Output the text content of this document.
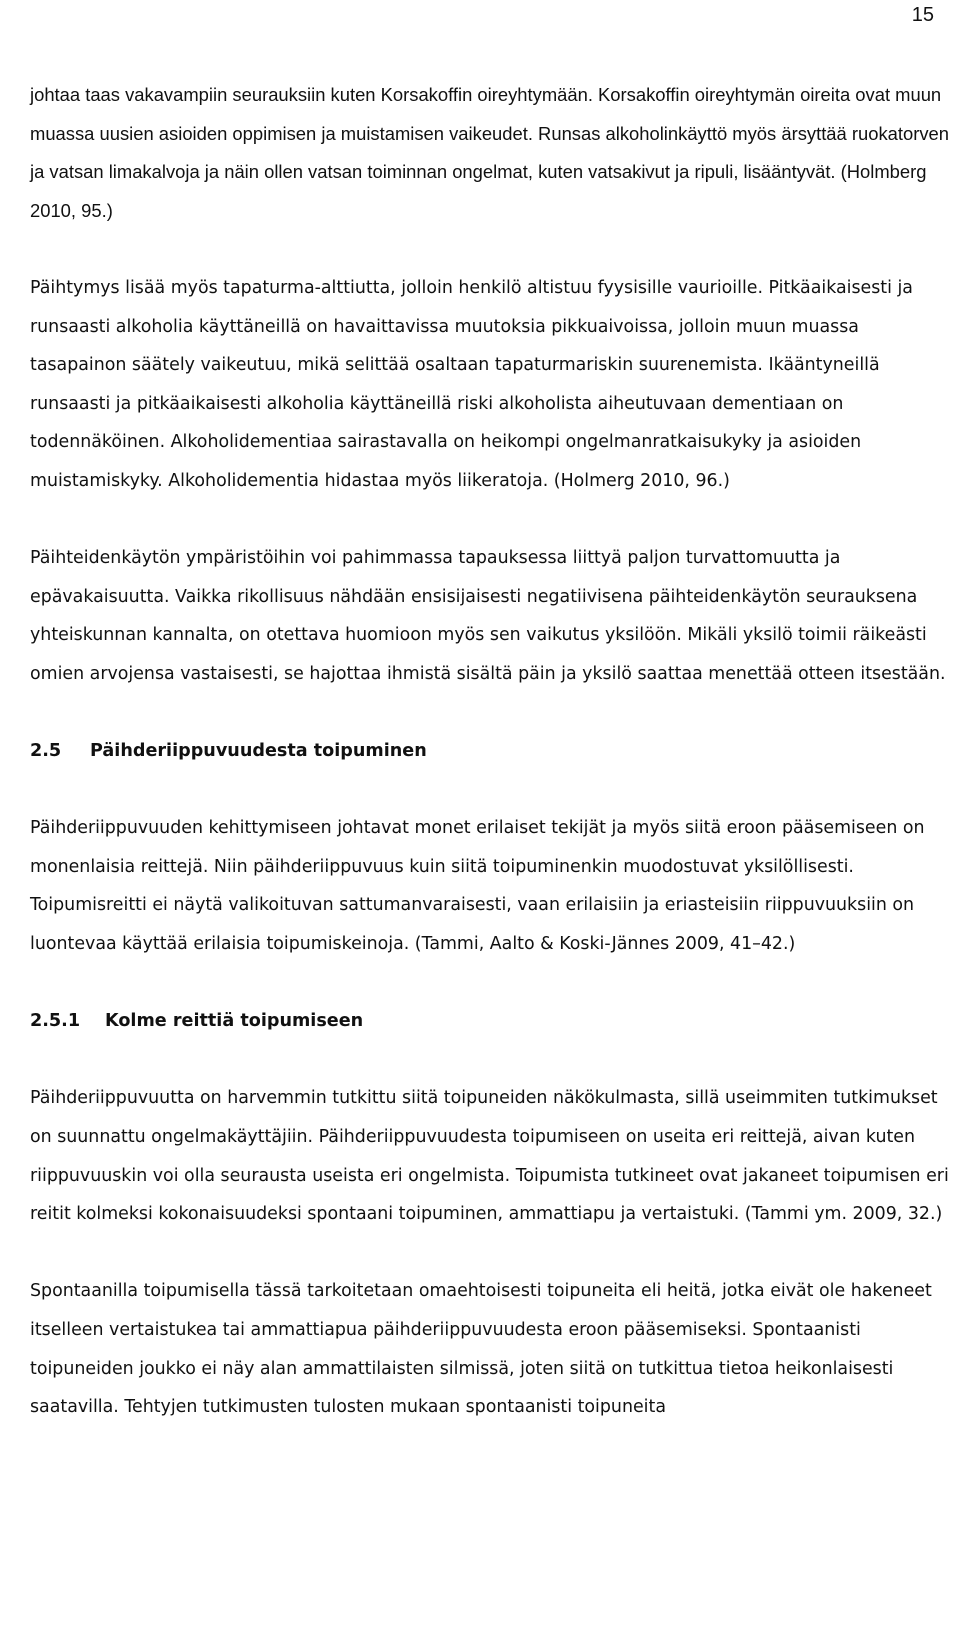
15

johtaa taas vakavampiin seurauksiin kuten Korsakoffin oireyhtymään. Korsakoffin oireyhtymän oireita ovat muun muassa uusien asioiden oppimisen ja muistamisen vaikeudet. Runsas alkoholinkäyttö myös ärsyttää ruokatorven ja vatsan limakalvoja ja näin ollen vatsan toiminnan ongelmat, kuten vatsakivut ja ripuli, lisääntyvät. (Holmberg 2010, 95.)

Päihtymys lisää myös tapaturma-alttiutta, jolloin henkilö altistuu fyysisille vaurioille. Pitkäaikaisesti ja runsaasti alkoholia käyttäneillä on havaittavissa muutoksia pikkuaivoissa, jolloin muun muassa tasapainon säätely vaikeutuu, mikä selittää osaltaan tapaturmariskin suurenemista. Ikääntyneillä runsaasti ja pitkäaikaisesti alkoholia käyttäneillä riski alkoholista aiheutuvaan dementiaan on todennäköinen. Alkoholidementiaa sairastavalla on heikompi ongelmanratkaisukyky ja asioiden muistamiskyky. Alkoholidementia hidastaa myös liikeratoja. (Holmerg 2010, 96.)

Päihteidenkäytön ympäristöihin voi pahimmassa tapauksessa liittyä paljon turvattomuutta ja epävakaisuutta. Vaikka rikollisuus nähdään ensisijaisesti negatiivisena päihteidenkäytön seurauksena yhteiskunnan kannalta, on otettava huomioon myös sen vaikutus yksilöön. Mikäli yksilö toimii räikeästi omien arvojensa vastaisesti, se hajottaa ihmistä sisältä päin ja yksilö saattaa menettää otteen itsestään.

2.5	Päihderiippuvuudesta toipuminen

Päihderiippuvuuden kehittymiseen johtavat monet erilaiset tekijät ja myös siitä eroon pääsemiseen on monenlaisia reittejä. Niin päihderiippuvuus kuin siitä toipuminenkin muodostuvat yksilöllisesti. Toipumisreitti ei näytä valikoituvan sattumanvaraisesti, vaan erilaisiin ja eriasteisiin riippuvuuksiin on luontevaa käyttää erilaisia toipumiskeinoja. (Tammi, Aalto & Koski-Jännes 2009, 41–42.)

2.5.1	Kolme reittiä toipumiseen

Päihderiippuvuutta on harvemmin tutkittu siitä toipuneiden näkökulmasta, sillä useimmiten tutkimukset on suunnattu ongelmakäyttäjiin. Päihderiippuvuudesta toipumiseen on useita eri reittejä, aivan kuten riippuvuuskin voi olla seurausta useista eri ongelmista. Toipumista tutkineet ovat jakaneet toipumisen eri reitit kolmeksi kokonaisuudeksi spontaani toipuminen, ammattiapu ja vertaistuki. (Tammi ym. 2009, 32.)

Spontaanilla toipumisella tässä tarkoitetaan omaehtoisesti toipuneita eli heitä, jotka eivät ole hakeneet itselleen vertaistukea tai ammattiapua päihderiippuvuudesta eroon pääsemiseksi. Spontaanisti toipuneiden joukko ei näy alan ammattilaisten silmissä, joten siitä on tutkittua tietoa heikonlaisesti saatavilla. Tehtyjen tutkimusten tulosten mukaan spontaanisti toipuneita
